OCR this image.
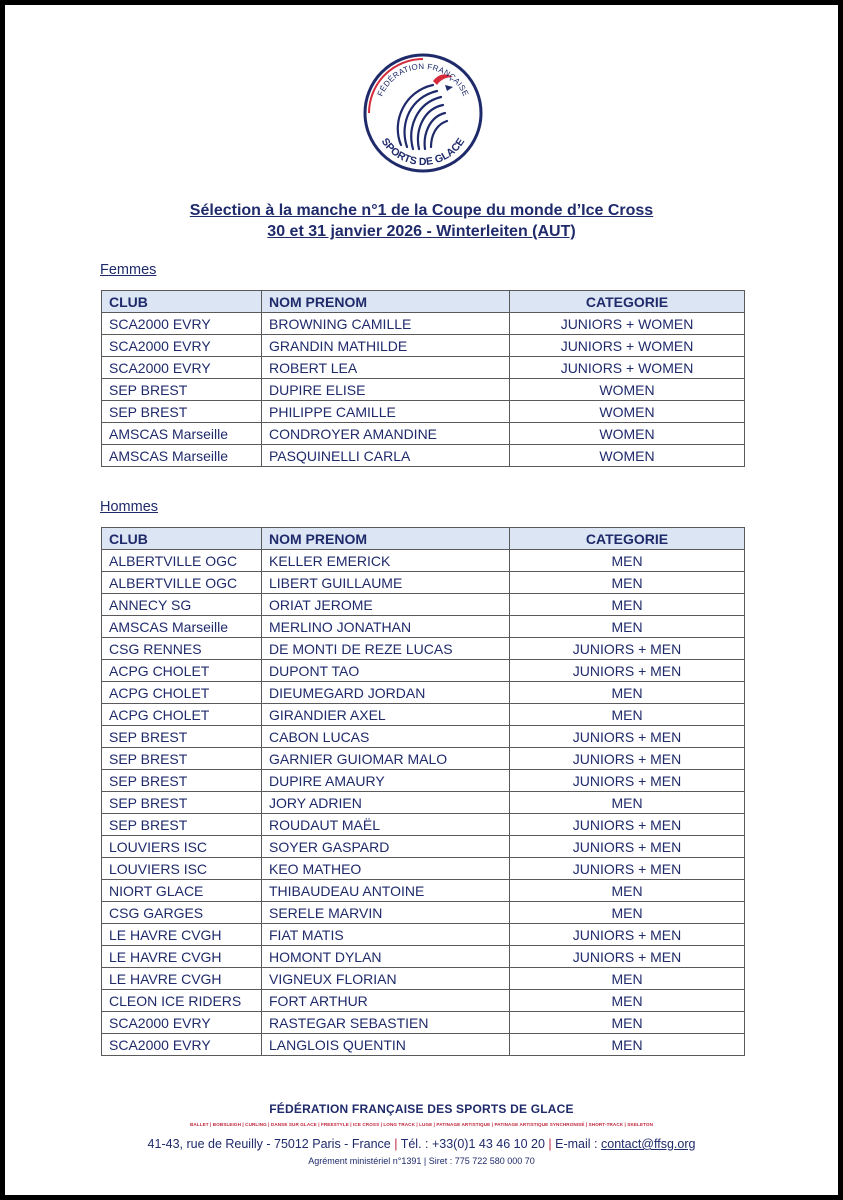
FÉDÉRATION FRANÇAISE
SPORTS DE GLACE
Sélection à la manche n°1 de la Coupe du monde d’Ice Cross
30 et 31 janvier 2026 - Winterleiten (AUT)
Femmes
CLUB	NOM PRENOM	CATEGORIE
SCA2000 EVRY	BROWNING CAMILLE	JUNIORS + WOMEN
SCA2000 EVRY	GRANDIN MATHILDE	JUNIORS + WOMEN
SCA2000 EVRY	ROBERT LEA	JUNIORS + WOMEN
SEP BREST	DUPIRE ELISE	WOMEN
SEP BREST	PHILIPPE CAMILLE	WOMEN
AMSCAS Marseille	CONDROYER AMANDINE	WOMEN
AMSCAS Marseille	PASQUINELLI CARLA	WOMEN
Hommes
CLUB	NOM PRENOM	CATEGORIE
ALBERTVILLE OGC	KELLER EMERICK	MEN
ALBERTVILLE OGC	LIBERT GUILLAUME	MEN
ANNECY SG	ORIAT JEROME	MEN
AMSCAS Marseille	MERLINO JONATHAN	MEN
CSG RENNES	DE MONTI DE REZE LUCAS	JUNIORS + MEN
ACPG CHOLET	DUPONT TAO	JUNIORS + MEN
ACPG CHOLET	DIEUMEGARD JORDAN	MEN
ACPG CHOLET	GIRANDIER AXEL	MEN
SEP BREST	CABON LUCAS	JUNIORS + MEN
SEP BREST	GARNIER GUIOMAR MALO	JUNIORS + MEN
SEP BREST	DUPIRE AMAURY	JUNIORS + MEN
SEP BREST	JORY ADRIEN	MEN
SEP BREST	ROUDAUT MAËL	JUNIORS + MEN
LOUVIERS ISC	SOYER GASPARD	JUNIORS + MEN
LOUVIERS ISC	KEO MATHEO	JUNIORS + MEN
NIORT GLACE	THIBAUDEAU ANTOINE	MEN
CSG GARGES	SERELE MARVIN	MEN
LE HAVRE CVGH	FIAT MATIS	JUNIORS + MEN
LE HAVRE CVGH	HOMONT DYLAN	JUNIORS + MEN
LE HAVRE CVGH	VIGNEUX FLORIAN	MEN
CLEON ICE RIDERS	FORT ARTHUR	MEN
SCA2000 EVRY	RASTEGAR SEBASTIEN	MEN
SCA2000 EVRY	LANGLOIS QUENTIN	MEN
FÉDÉRATION FRANÇAISE DES SPORTS DE GLACE
BALLET | BOBSLEIGH | CURLING | DANSE SUR GLACE | FREESTYLE | ICE CROSS | LONG TRACK | LUGE | PATINAGE ARTISTIQUE | PATINAGE ARTISTIQUE SYNCHRONISÉ | SHORT-TRACK | SKELETON
41-43, rue de Reuilly - 75012 Paris - France | Tél. : +33(0)1 43 46 10 20 | E-mail : contact@ffsg.org
Agrément ministériel n°1391 | Siret : 775 722 580 000 70
